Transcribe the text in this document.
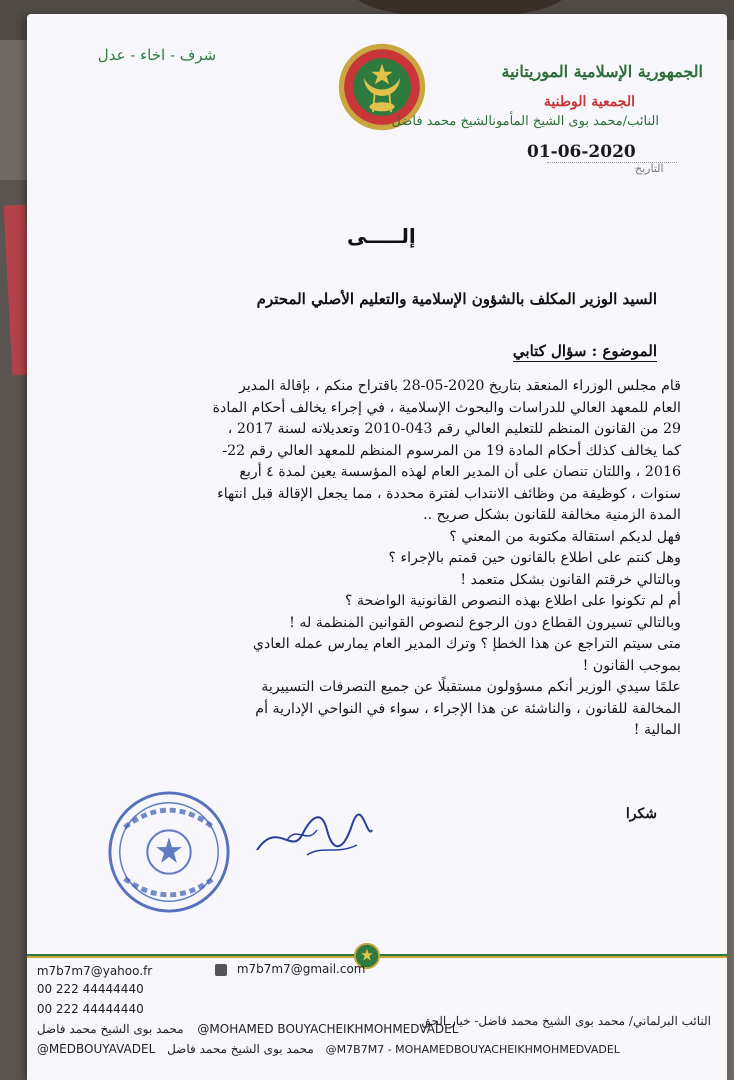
شرف - اخاء - عدل
الجمهورية الإسلامية الموريتانية
الجمعية الوطنية
النائب/محمد بوى الشيخ المأمونالشيخ محمد فاضل
01-06-2020
التاريخ
إلـــــى
السيد الوزير المكلف بالشؤون الإسلامية والتعليم الأصلي المحترم
الموضوع : سؤال كتابي

قام مجلس الوزراء المنعقد بتاريخ 2020-05-28 باقتراح منكم ، بإقالة المدير

العام للمعهد العالي للدراسات والبحوث الإسلامية ، في إجراء يخالف أحكام المادة

29 من القانون المنظم للتعليم العالي رقم 043-2010 وتعديلاته لسنة 2017 ،

كما يخالف كذلك أحكام المادة 19 من المرسوم المنظم للمعهد العالي رقم 22-

2016 ، واللتان تنصان على أن المدير العام لهذه المؤسسة يعين لمدة ٤ أربع

سنوات ، كوظيفة من وظائف الانتداب لفترة محددة ، مما يجعل الإقالة قبل انتهاء

المدة الزمنية مخالفة للقانون بشكل صريح ..

فهل لديكم استقالة مكتوبة من المعني ؟

وهل كنتم على اطلاع بالقانون حين قمتم بالإجراء ؟

وبالتالي خرقتم القانون بشكل متعمد !

أم لم تكونوا على اطلاع بهذه النصوص القانونية الواضحة ؟

وبالتالي تسيرون القطاع دون الرجوع لنصوص القوانين المنظمة له !

متى سيتم التراجع عن هذا الخطإ ؟ وترك المدير العام يمارس عمله العادي

بموجب القانون !

علمًا سيدي الوزير أنكم مسؤولون مستقبلًا عن جميع التصرفات التسييرية

المخالفة للقانون ، والناشئة عن هذا الإجراء ، سواء في النواحي الإدارية أم

المالية !

شكرا
m7b7m7@yahoo.fr	m7b7m7@gmail.com
00 222 44444440
00 222 44444440
محمد بوى الشيخ محمد فاضل @MOHAMED BOUYACHEIKHMOHMEDVADEL
@MEDBOUYAVADEL محمد بوى الشيخ محمد فاضل @M7B7M7 - MOHAMEDBOUYACHEIKHMOHMEDVADEL
النائب البرلماني/ محمد بوى الشيخ محمد فاضل- خيار الحق
